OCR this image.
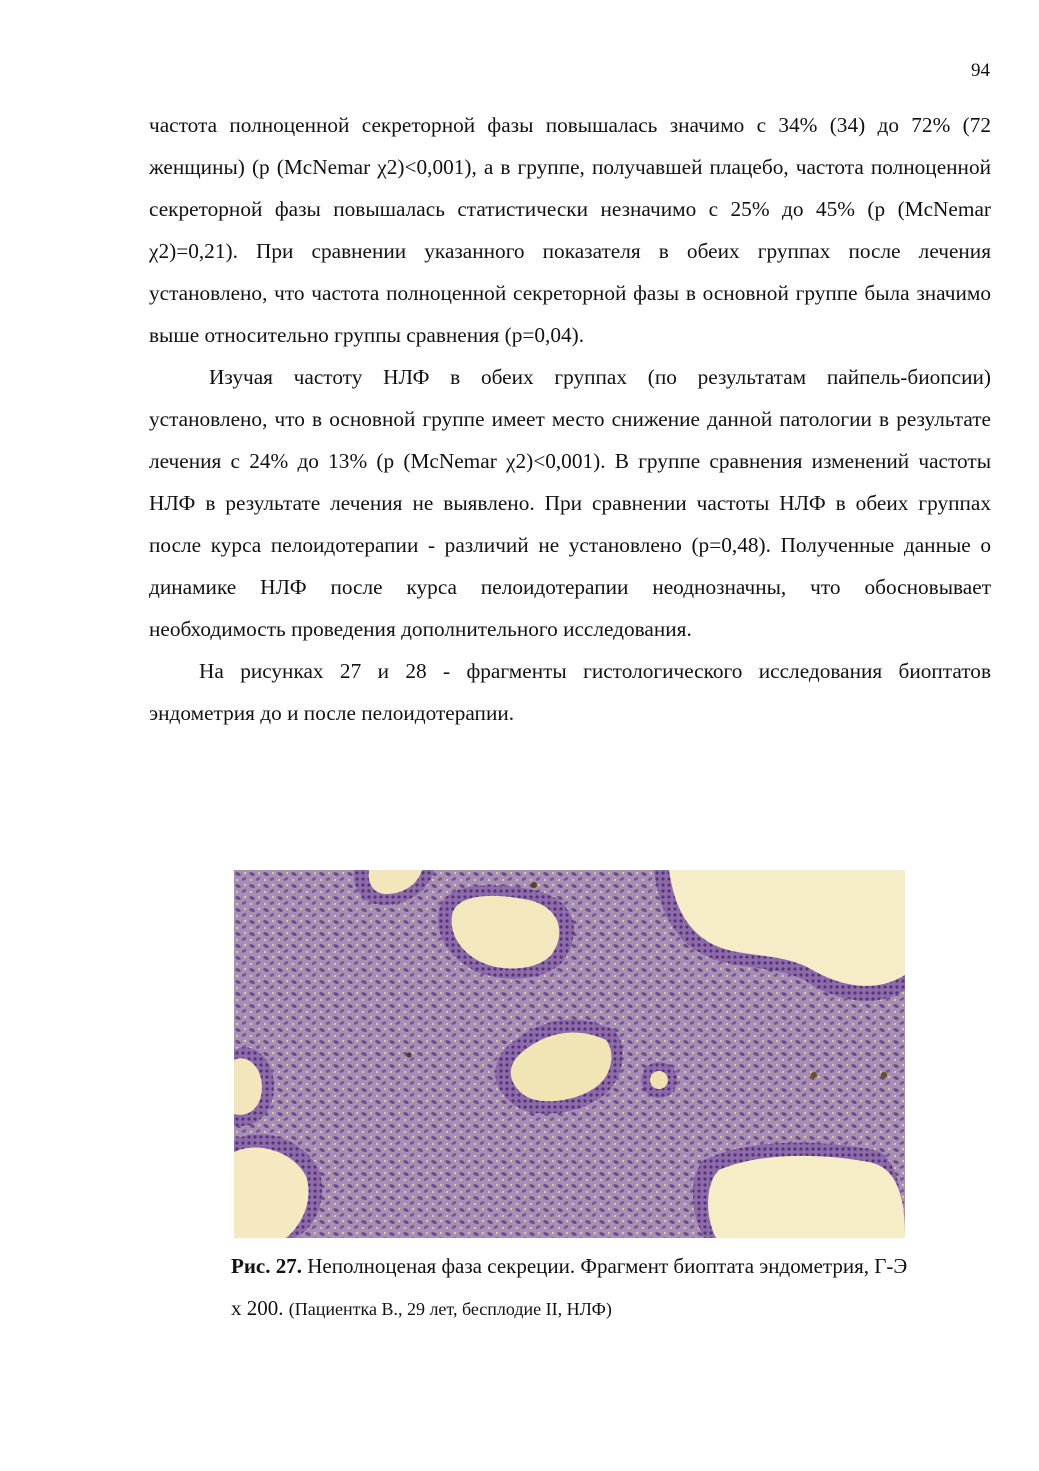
94

частота полноценной секреторной фазы повышалась значимо с 34% (34) до 72% (72 женщины) (р (McNemar χ2)<0,001), а в группе, получавшей плацебо, частота полноценной секреторной фазы повышалась статистически незначимо с 25% до 45% (р (McNemar χ2)=0,21). При сравнении указанного показателя в обеих группах после лечения установлено, что частота полноценной секреторной фазы в основной группе была значимо выше относительно группы сравнения (р=0,04).

Изучая частоту НЛФ в обеих группах (по результатам пайпель-биопсии) установлено, что в основной группе имеет место снижение данной патологии в результате лечения с 24% до 13% (р (McNemar χ2)<0,001). В группе сравнения изменений частоты НЛФ в результате лечения не выявлено. При сравнении частоты НЛФ в обеих группах после курса пелоидотерапии - различий не установлено (р=0,48). Полученные данные о динамике НЛФ после курса пелоидотерапии неоднозначны, что обосновывает необходимость проведения дополнительного исследования.

На рисунках 27 и 28 - фрагменты гистологического исследования биоптатов эндометрия до и после пелоидотерапии.

Рис. 27. Неполноценая фаза секреции. Фрагмент биоптата эндометрия, Г-Э х 200. (Пациентка В., 29 лет, бесплодие II, НЛФ)
